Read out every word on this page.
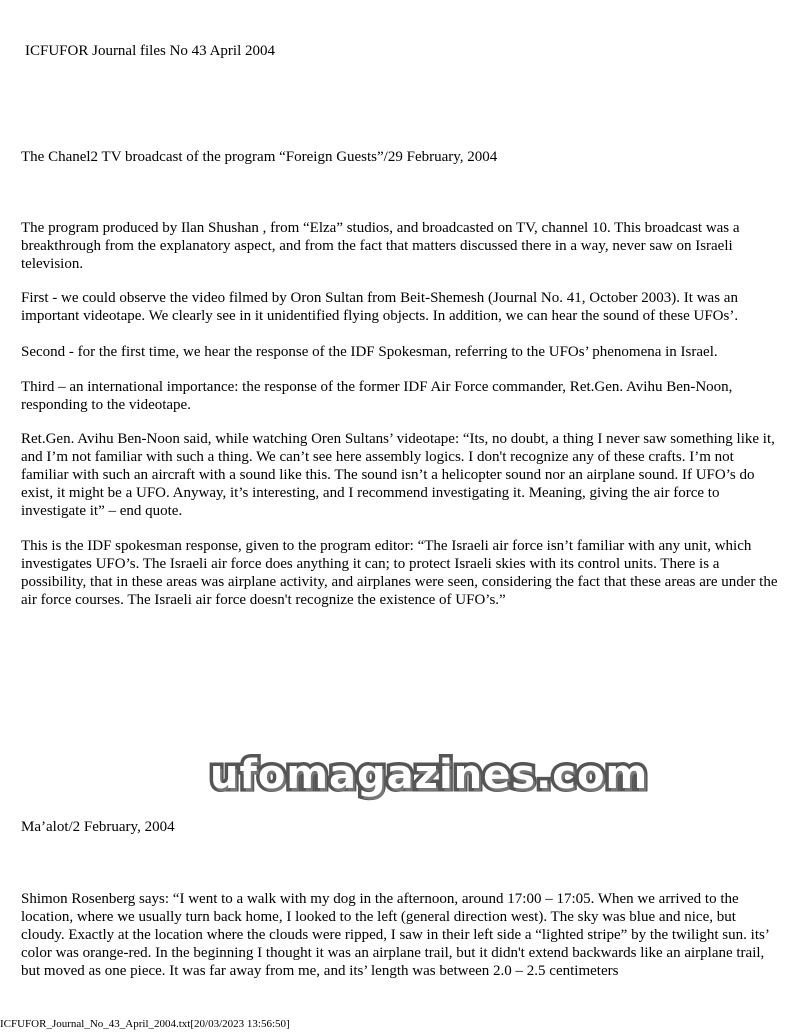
ICFUFOR Journal files No 43 April 2004

The Chanel2 TV broadcast of the program “Foreign Guests”/29 February, 2004

The program produced by Ilan Shushan , from “Elza” studios, and broadcasted on TV, channel 10. This broadcast was a breakthrough from the explanatory aspect, and from the fact that matters discussed there in a way, never saw on Israeli television.

First - we could observe the video filmed by Oron Sultan from Beit-Shemesh (Journal No. 41, October 2003). It was an important videotape. We clearly see in it unidentified flying objects. In addition, we can hear the sound of these UFOs’.

Second - for the first time, we hear the response of the IDF Spokesman, referring to the UFOs’ phenomena in Israel.

Third – an international importance: the response of the former IDF Air Force commander, Ret.Gen. Avihu Ben-Noon, responding to the videotape.

Ret.Gen. Avihu Ben-Noon said, while watching Oren Sultans’ videotape: “Its, no doubt, a thing I never saw something like it, and I’m not familiar with such a thing. We can’t see here assembly logics. I don't recognize any of these crafts. I’m not familiar with such an aircraft with a sound like this. The sound isn’t a helicopter sound nor an airplane sound. If UFO’s do exist, it might be a UFO. Anyway, it’s interesting, and I recommend investigating it. Meaning, giving the air force to investigate it” – end quote.

This is the IDF spokesman response, given to the program editor: “The Israeli air force isn’t familiar with any unit, which investigates UFO’s. The Israeli air force does anything it can; to protect Israeli skies with its control units. There is a possibility, that in these areas was airplane activity, and airplanes were seen, considering the fact that these areas are under the air force courses. The Israeli air force doesn't recognize the existence of UFO’s.”

ufomagazines.com

Ma’alot/2 February, 2004

Shimon Rosenberg says: “I went to a walk with my dog in the afternoon, around 17:00 – 17:05. When we arrived to the location, where we usually turn back home, I looked to the left (general direction west). The sky was blue and nice, but cloudy. Exactly at the location where the clouds were ripped, I saw in their left side a “lighted stripe” by the twilight sun. its’ color was orange-red. In the beginning I thought it was an airplane trail, but it didn't extend backwards like an airplane trail, but moved as one piece. It was far away from me, and its’ length was between 2.0 – 2.5 centimeters

ICFUFOR_Journal_No_43_April_2004.txt[20/03/2023 13:56:50]
